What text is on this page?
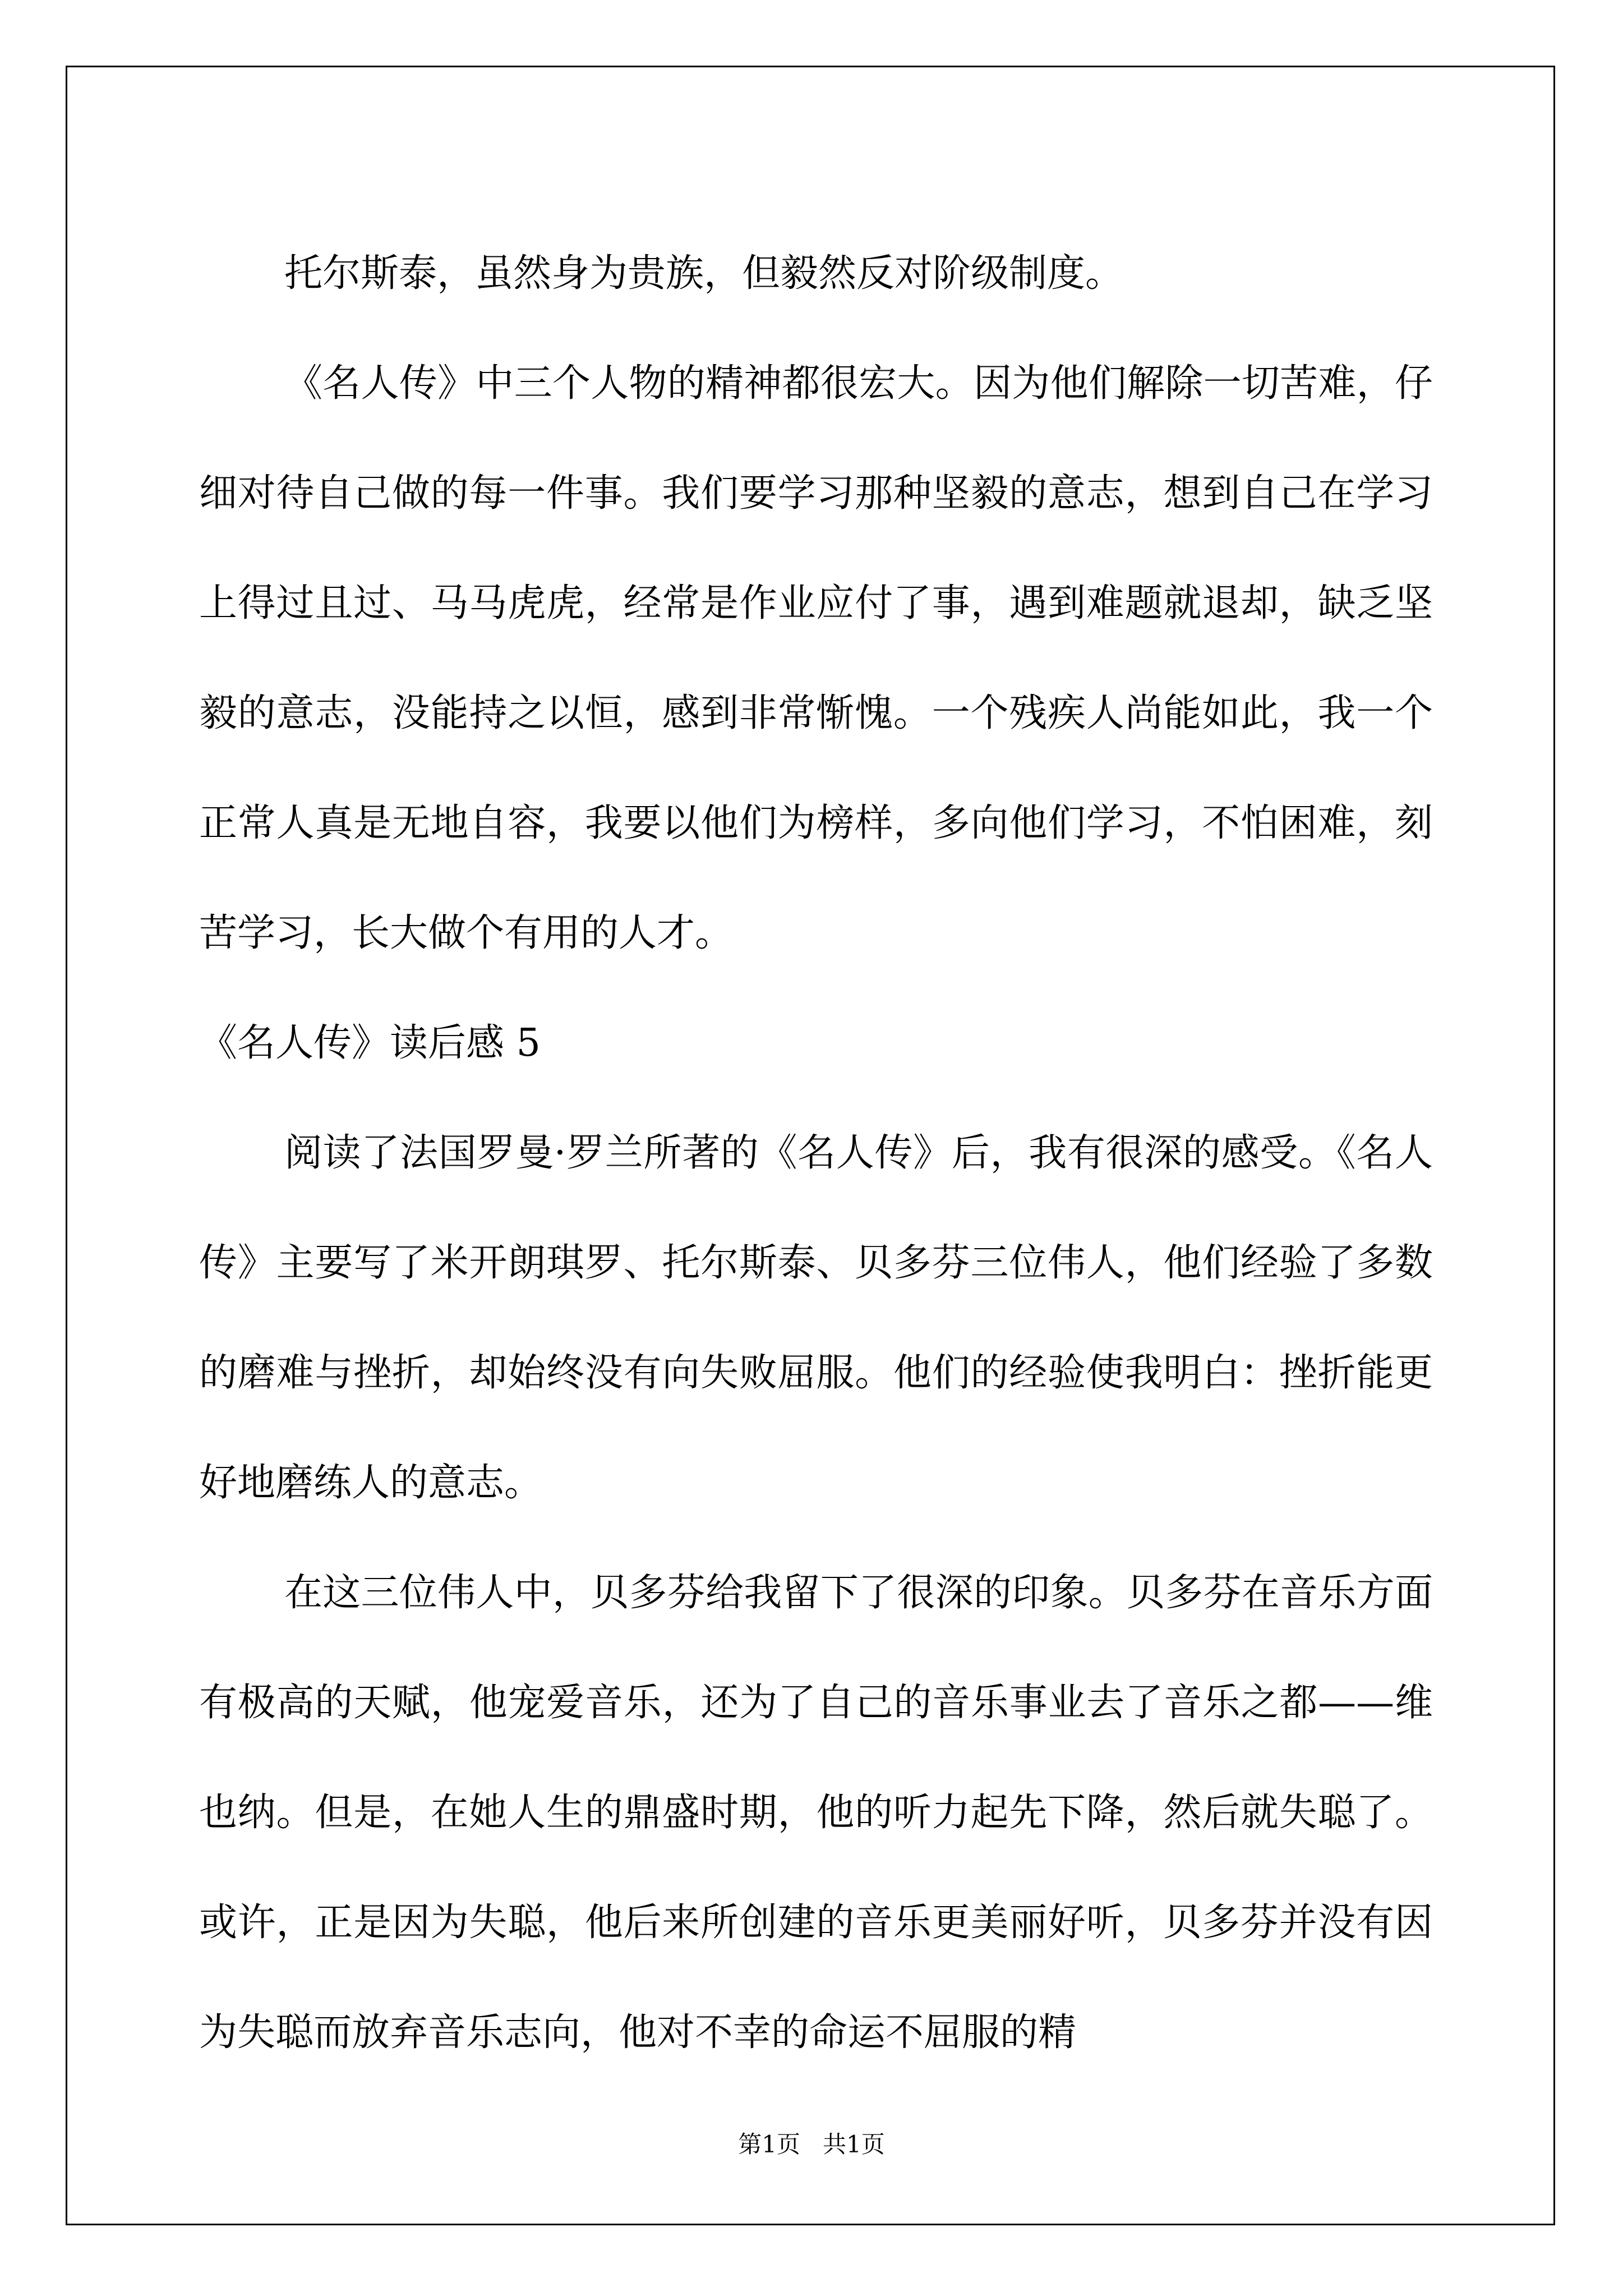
托尔斯泰，虽然身为贵族，但毅然反对阶级制度。

《名人传》中三个人物的精神都很宏大。因为他们解除一切苦难，仔细对待自己做的每一件事。我们要学习那种坚毅的意志，想到自己在学习上得过且过、马马虎虎，经常是作业应付了事，遇到难题就退却，缺乏坚毅的意志，没能持之以恒，感到非常惭愧。一个残疾人尚能如此，我一个正常人真是无地自容，我要以他们为榜样，多向他们学习，不怕困难，刻苦学习，长大做个有用的人才。

《名人传》读后感 5

阅读了法国罗曼·罗兰所著的《名人传》后，我有很深的感受。《名人传》主要写了米开朗琪罗、托尔斯泰、贝多芬三位伟人，他们经验了多数的磨难与挫折，却始终没有向失败屈服。他们的经验使我明白：挫折能更好地磨练人的意志。

在这三位伟人中，贝多芬给我留下了很深的印象。贝多芬在音乐方面有极高的天赋，他宠爱音乐，还为了自己的音乐事业去了音乐之都——维也纳。但是，在她人生的鼎盛时期，他的听力起先下降，然后就失聪了。或许，正是因为失聪，他后来所创建的音乐更美丽好听，贝多芬并没有因为失聪而放弃音乐志向，他对不幸的命运不屈服的精

第1页 共1页
